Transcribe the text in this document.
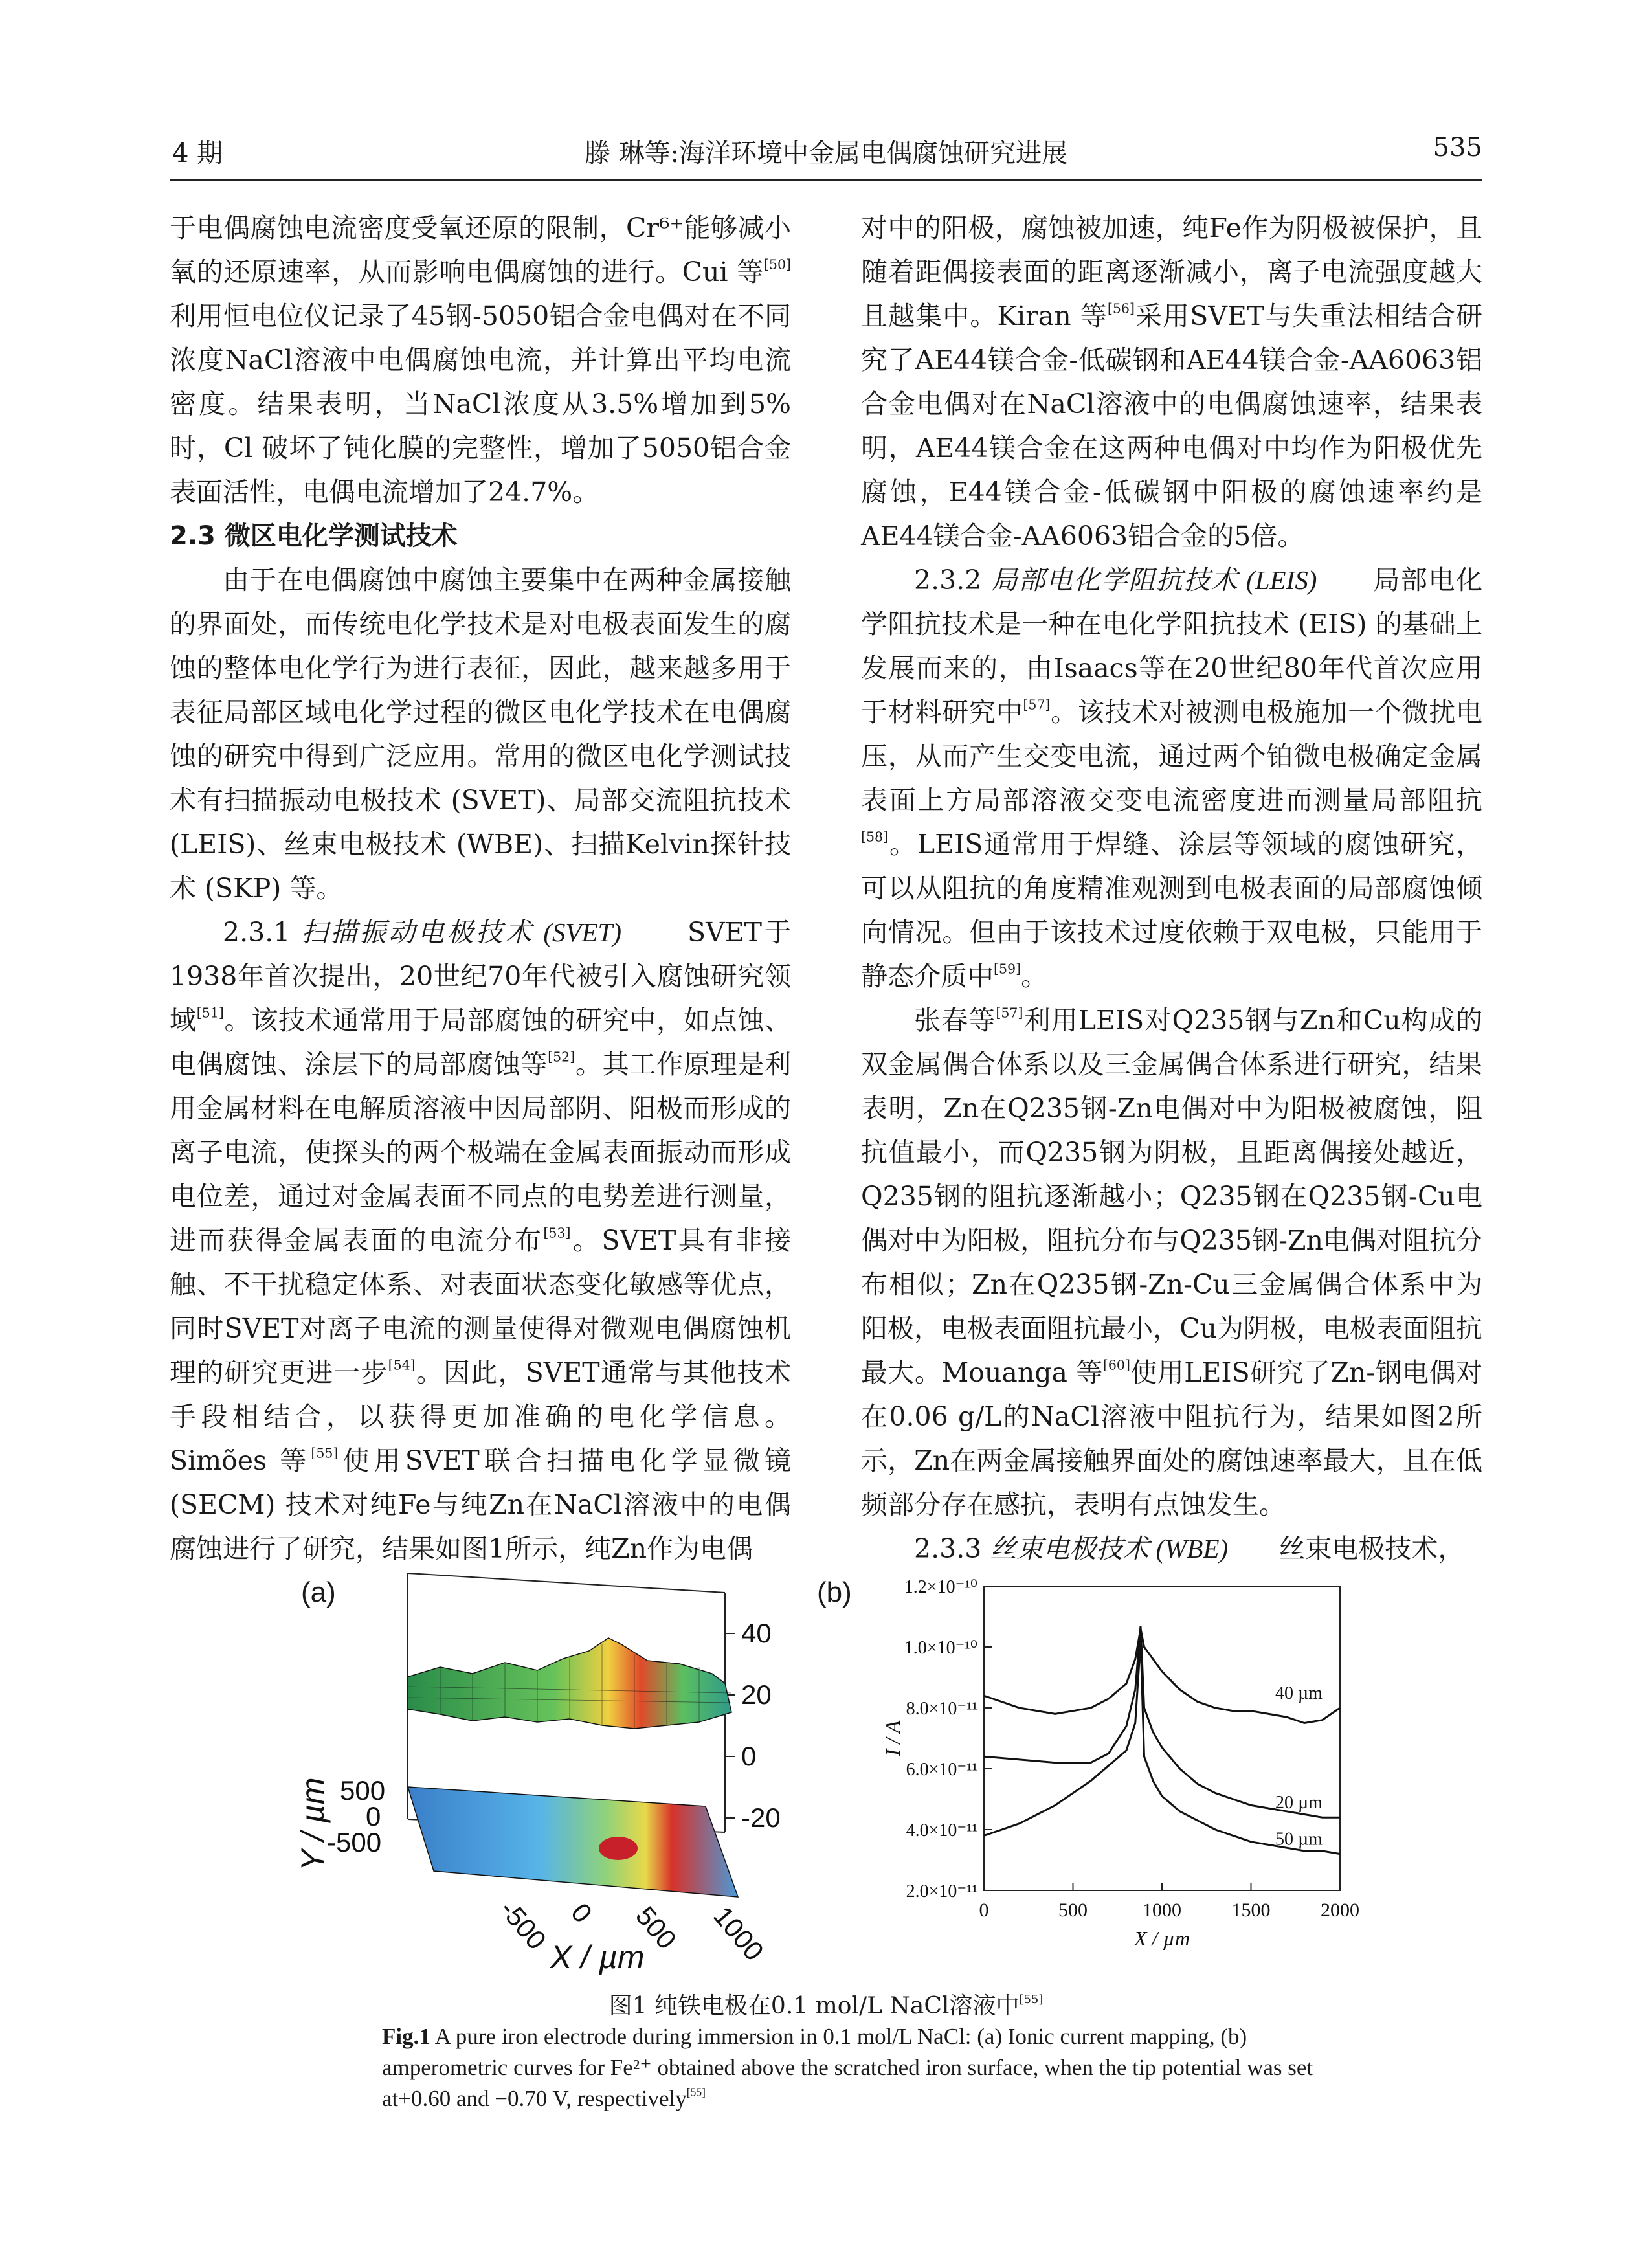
4 期	滕 琳等:海洋环境中金属电偶腐蚀研究进展	535

于电偶腐蚀电流密度受氧还原的限制，Cr⁶⁺能够减小氧的还原速率，从而影响电偶腐蚀的进行。Cui 等[50]利用恒电位仪记录了45钢-5050铝合金电偶对在不同浓度NaCl溶液中电偶腐蚀电流，并计算出平均电流密度。结果表明，当NaCl浓度从3.5%增加到5%时，Cl 破坏了钝化膜的完整性，增加了5050铝合金表面活性，电偶电流增加了24.7%。

2.3 微区电化学测试技术

由于在电偶腐蚀中腐蚀主要集中在两种金属接触的界面处，而传统电化学技术是对电极表面发生的腐蚀的整体电化学行为进行表征，因此，越来越多用于表征局部区域电化学过程的微区电化学技术在电偶腐蚀的研究中得到广泛应用。常用的微区电化学测试技术有扫描振动电极技术 (SVET)、局部交流阻抗技术 (LEIS)、丝束电极技术 (WBE)、扫描Kelvin探针技术 (SKP) 等。

2.3.1 扫描振动电极技术 (SVET) SVET于1938年首次提出，20世纪70年代被引入腐蚀研究领域[51]。该技术通常用于局部腐蚀的研究中，如点蚀、电偶腐蚀、涂层下的局部腐蚀等[52]。其工作原理是利用金属材料在电解质溶液中因局部阴、阳极而形成的离子电流，使探头的两个极端在金属表面振动而形成电位差，通过对金属表面不同点的电势差进行测量，进而获得金属表面的电流分布[53]。SVET具有非接触、不干扰稳定体系、对表面状态变化敏感等优点，同时SVET对离子电流的测量使得对微观电偶腐蚀机理的研究更进一步[54]。因此，SVET通常与其他技术手段相结合，以获得更加准确的电化学信息。Simões 等[55]使用SVET联合扫描电化学显微镜 (SECM) 技术对纯Fe与纯Zn在NaCl溶液中的电偶腐蚀进行了研究，结果如图1所示，纯Zn作为电偶

对中的阳极，腐蚀被加速，纯Fe作为阴极被保护，且随着距偶接表面的距离逐渐减小，离子电流强度越大且越集中。Kiran 等[56]采用SVET与失重法相结合研究了AE44镁合金-低碳钢和AE44镁合金-AA6063铝合金电偶对在NaCl溶液中的电偶腐蚀速率，结果表明，AE44镁合金在这两种电偶对中均作为阳极优先腐蚀，E44镁合金-低碳钢中阳极的腐蚀速率约是AE44镁合金-AA6063铝合金的5倍。

2.3.2 局部电化学阻抗技术 (LEIS) 局部电化学阻抗技术是一种在电化学阻抗技术 (EIS) 的基础上发展而来的，由Isaacs等在20世纪80年代首次应用于材料研究中[57]。该技术对被测电极施加一个微扰电压，从而产生交变电流，通过两个铂微电极确定金属表面上方局部溶液交变电流密度进而测量局部阻抗[58]。LEIS通常用于焊缝、涂层等领域的腐蚀研究，可以从阻抗的角度精准观测到电极表面的局部腐蚀倾向情况。但由于该技术过度依赖于双电极，只能用于静态介质中[59]。

张春等[57]利用LEIS对Q235钢与Zn和Cu构成的双金属偶合体系以及三金属偶合体系进行研究，结果表明，Zn在Q235钢-Zn电偶对中为阳极被腐蚀，阻抗值最小，而Q235钢为阴极，且距离偶接处越近，Q235钢的阻抗逐渐越小；Q235钢在Q235钢-Cu电偶对中为阳极，阻抗分布与Q235钢-Zn电偶对阻抗分布相似；Zn在Q235钢-Zn-Cu三金属偶合体系中为阳极，电极表面阻抗最小，Cu为阴极，电极表面阻抗最大。Mouanga 等[60]使用LEIS研究了Zn-钢电偶对在0.06 g/L的NaCl溶液中阻抗行为，结果如图2所示，Zn在两金属接触界面处的腐蚀速率最大，且在低频部分存在感抗，表明有点蚀发生。

2.3.3 丝束电极技术 (WBE) 丝束电极技术，

(a)
40
20
0
-20
500
0
-500
Y / µm
-500 0 500 1000
X / µm
(b)
2.0×10⁻¹¹
4.0×10⁻¹¹
6.0×10⁻¹¹
8.0×10⁻¹¹
1.0×10⁻¹⁰
1.2×10⁻¹⁰
0	500	1000	1500	2000
X / µm
I / A
40 µm
20 µm
50 µm
图1 纯铁电极在0.1 mol/L NaCl溶液中[55]
Fig.1 A pure iron electrode during immersion in 0.1 mol/L NaCl: (a) Ionic current mapping, (b) amperometric curves for Fe²⁺ obtained above the scratched iron surface, when the tip potential was set at+0.60 and −0.70 V, respectively[55]
